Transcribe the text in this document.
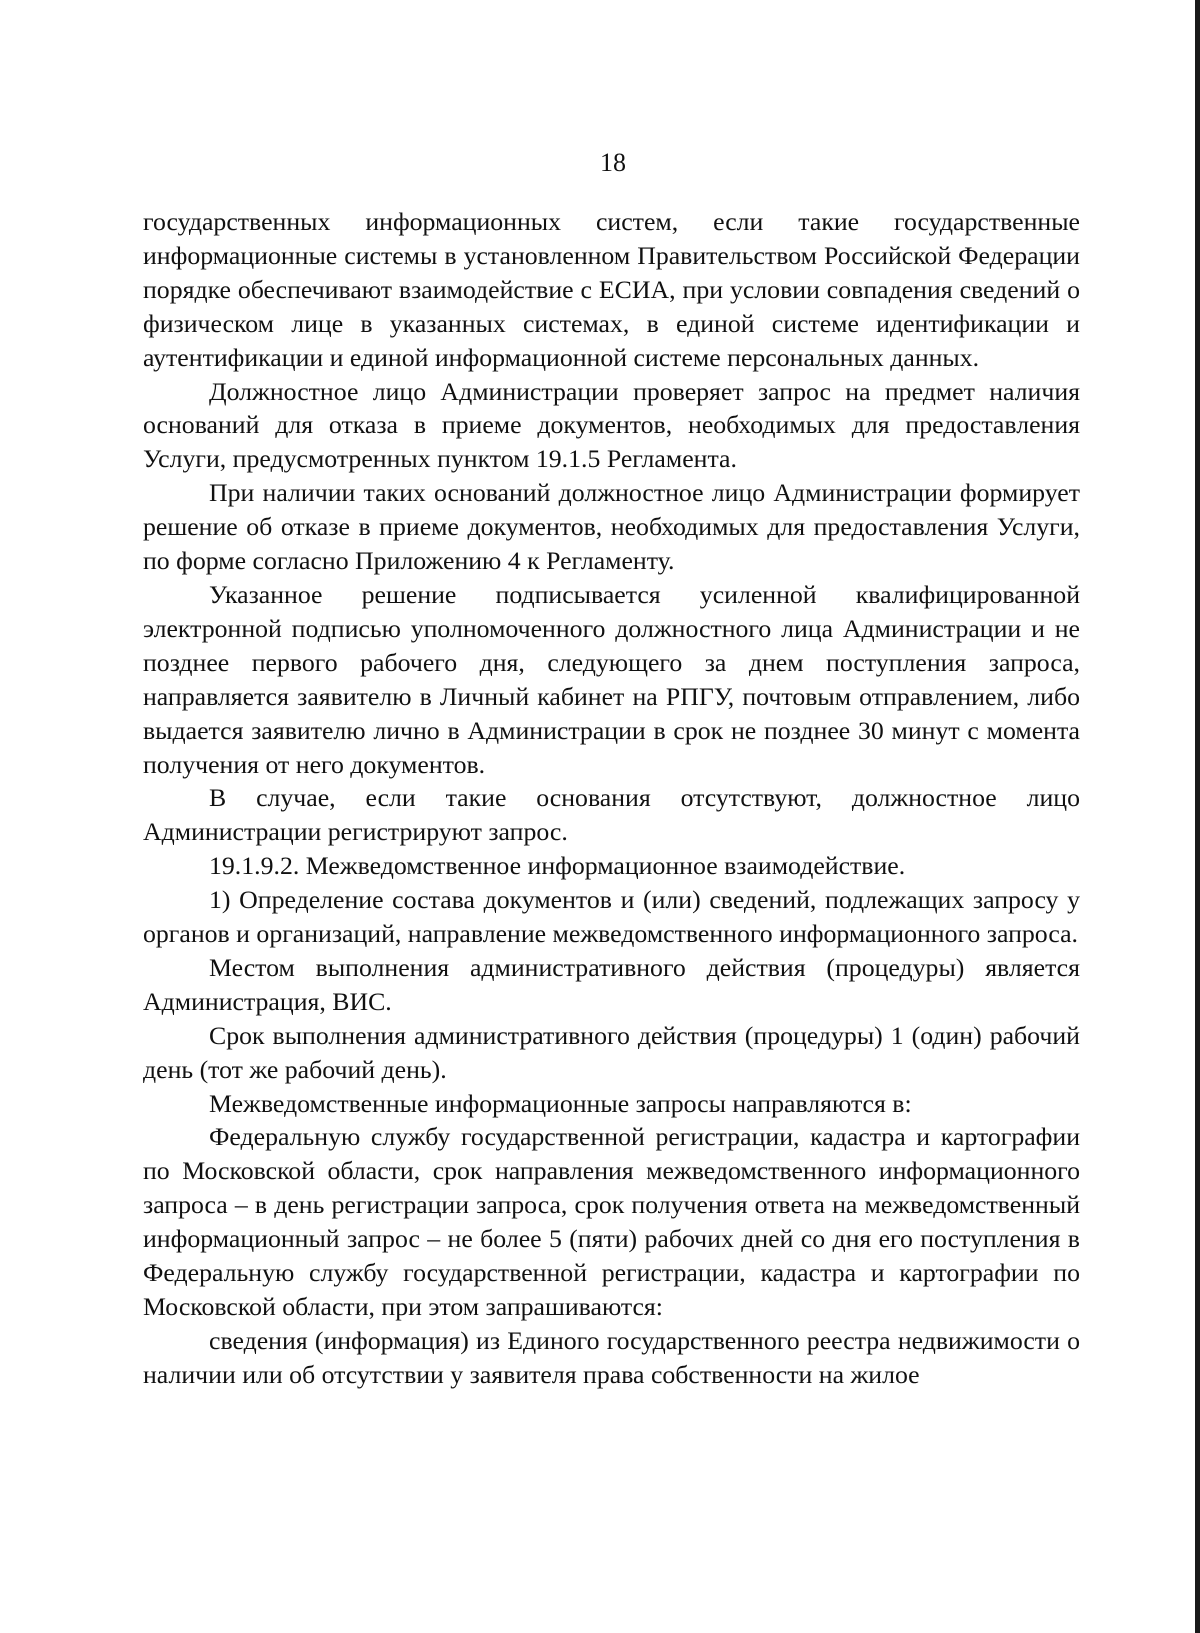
18

государственных информационных систем, если такие государственные информационные системы в установленном Правительством Российской Федерации порядке обеспечивают взаимодействие с ЕСИА, при условии совпадения сведений о физическом лице в указанных системах, в единой системе идентификации и аутентификации и единой информационной системе персональных данных.

Должностное лицо Администрации проверяет запрос на предмет наличия оснований для отказа в приеме документов, необходимых для предоставления Услуги, предусмотренных пунктом 19.1.5 Регламента.

При наличии таких оснований должностное лицо Администрации формирует решение об отказе в приеме документов, необходимых для предоставления Услуги, по форме согласно Приложению 4 к Регламенту.

Указанное решение подписывается усиленной квалифицированной электронной подписью уполномоченного должностного лица Администрации и не позднее первого рабочего дня, следующего за днем поступления запроса, направляется заявителю в Личный кабинет на РПГУ, почтовым отправлением, либо выдается заявителю лично в Администрации в срок не позднее 30 минут с момента получения от него документов.

В случае, если такие основания отсутствуют, должностное лицо Администрации регистрируют запрос.

19.1.9.2. Межведомственное информационное взаимодействие.

1) Определение состава документов и (или) сведений, подлежащих запросу у органов и организаций, направление межведомственного информационного запроса.

Местом выполнения административного действия (процедуры) является Администрация, ВИС.

Срок выполнения административного действия (процедуры) 1 (один) рабочий день (тот же рабочий день).

Межведомственные информационные запросы направляются в:

Федеральную службу государственной регистрации, кадастра и картографии по Московской области, срок направления межведомственного информационного запроса – в день регистрации запроса, срок получения ответа на межведомственный информационный запрос – не более 5 (пяти) рабочих дней со дня его поступления в Федеральную службу государственной регистрации, кадастра и картографии по Московской области, при этом запрашиваются:

сведения (информация) из Единого государственного реестра недвижимости о наличии или об отсутствии у заявителя права собственности на жилое
